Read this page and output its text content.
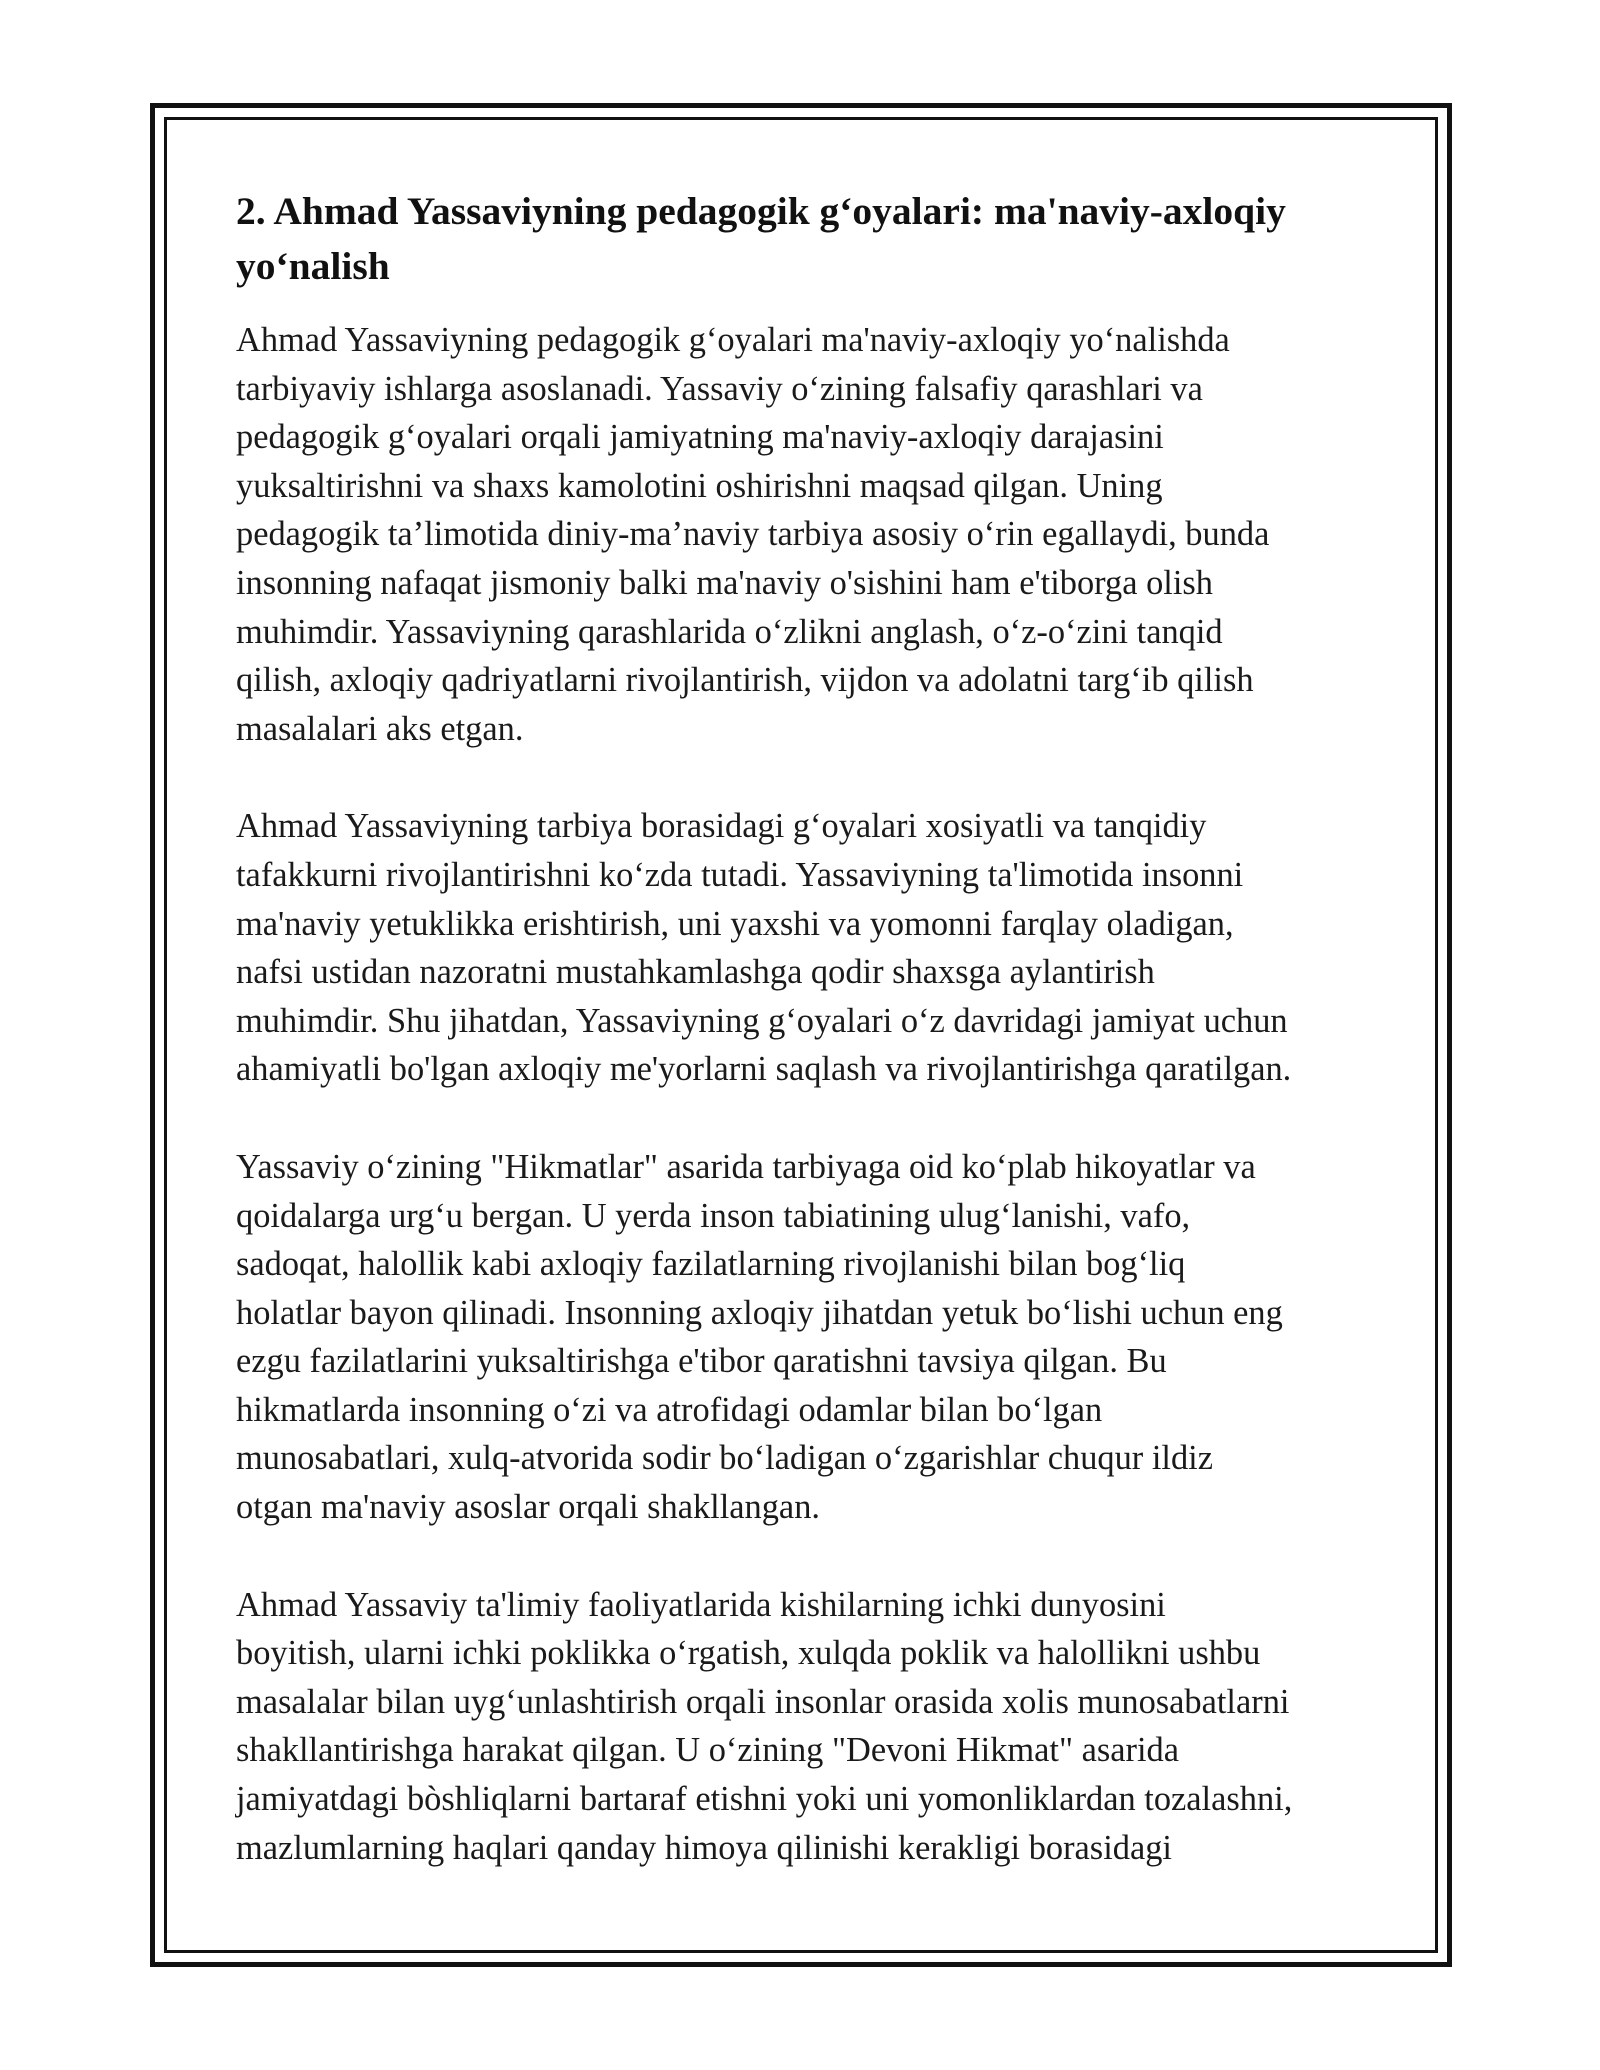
2. Ahmad Yassaviyning pedagogik g‘oyalari: ma'naviy-axloqiy
yo‘nalish

Ahmad Yassaviyning pedagogik g‘oyalari ma'naviy-axloqiy yo‘nalishda
tarbiyaviy ishlarga asoslanadi. Yassaviy o‘zining falsafiy qarashlari va
pedagogik g‘oyalari orqali jamiyatning ma'naviy-axloqiy darajasini
yuksaltirishni va shaxs kamolotini oshirishni maqsad qilgan. Uning
pedagogik ta’limotida diniy-ma’naviy tarbiya asosiy o‘rin egallaydi, bunda
insonning nafaqat jismoniy balki ma'naviy o'sishini ham e'tiborga olish
muhimdir. Yassaviyning qarashlarida o‘zlikni anglash, o‘z-o‘zini tanqid
qilish, axloqiy qadriyatlarni rivojlantirish, vijdon va adolatni targ‘ib qilish
masalalari aks etgan.

Ahmad Yassaviyning tarbiya borasidagi g‘oyalari xosiyatli va tanqidiy
tafakkurni rivojlantirishni ko‘zda tutadi. Yassaviyning ta'limotida insonni
ma'naviy yetuklikka erishtirish, uni yaxshi va yomonni farqlay oladigan,
nafsi ustidan nazoratni mustahkamlashga qodir shaxsga aylantirish
muhimdir. Shu jihatdan, Yassaviyning g‘oyalari o‘z davridagi jamiyat uchun
ahamiyatli bo'lgan axloqiy me'yorlarni saqlash va rivojlantirishga qaratilgan.

Yassaviy o‘zining "Hikmatlar" asarida tarbiyaga oid ko‘plab hikoyatlar va
qoidalarga urg‘u bergan. U yerda inson tabiatining ulug‘lanishi, vafo,
sadoqat, halollik kabi axloqiy fazilatlarning rivojlanishi bilan bog‘liq
holatlar bayon qilinadi. Insonning axloqiy jihatdan yetuk bo‘lishi uchun eng
ezgu fazilatlarini yuksaltirishga e'tibor qaratishni tavsiya qilgan. Bu
hikmatlarda insonning o‘zi va atrofidagi odamlar bilan bo‘lgan
munosabatlari, xulq-atvorida sodir bo‘ladigan o‘zgarishlar chuqur ildiz
otgan ma'naviy asoslar orqali shakllangan.

Ahmad Yassaviy ta'limiy faoliyatlarida kishilarning ichki dunyosini
boyitish, ularni ichki poklikka o‘rgatish, xulqda poklik va halollikni ushbu
masalalar bilan uyg‘unlashtirish orqali insonlar orasida xolis munosabatlarni
shakllantirishga harakat qilgan. U o‘zining "Devoni Hikmat" asarida
jamiyatdagi bòshliqlarni bartaraf etishni yoki uni yomonliklardan tozalashni,
mazlumlarning haqlari qanday himoya qilinishi kerakligi borasidagi
